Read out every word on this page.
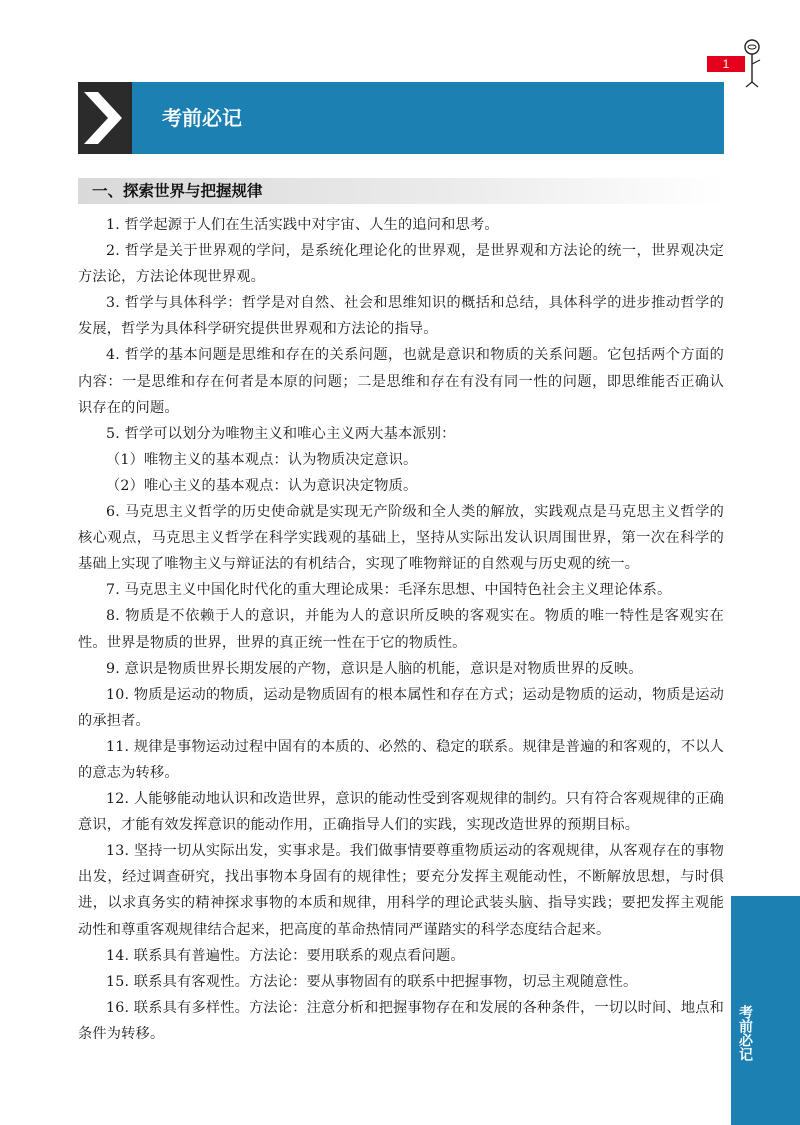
1
考前必记
一、探索世界与把握规律

1. 哲学起源于人们在生活实践中对宇宙、人生的追问和思考。

2. 哲学是关于世界观的学问，是系统化理论化的世界观，是世界观和方法论的统一，世界观决定方法论，方法论体现世界观。

3. 哲学与具体科学：哲学是对自然、社会和思维知识的概括和总结，具体科学的进步推动哲学的发展，哲学为具体科学研究提供世界观和方法论的指导。

4. 哲学的基本问题是思维和存在的关系问题，也就是意识和物质的关系问题。它包括两个方面的内容：一是思维和存在何者是本原的问题；二是思维和存在有没有同一性的问题，即思维能否正确认识存在的问题。

5. 哲学可以划分为唯物主义和唯心主义两大基本派别：

（1）唯物主义的基本观点：认为物质决定意识。

（2）唯心主义的基本观点：认为意识决定物质。

6. 马克思主义哲学的历史使命就是实现无产阶级和全人类的解放，实践观点是马克思主义哲学的核心观点，马克思主义哲学在科学实践观的基础上，坚持从实际出发认识周围世界，第一次在科学的基础上实现了唯物主义与辩证法的有机结合，实现了唯物辩证的自然观与历史观的统一。

7. 马克思主义中国化时代化的重大理论成果：毛泽东思想、中国特色社会主义理论体系。

8. 物质是不依赖于人的意识，并能为人的意识所反映的客观实在。物质的唯一特性是客观实在性。世界是物质的世界，世界的真正统一性在于它的物质性。

9. 意识是物质世界长期发展的产物，意识是人脑的机能，意识是对物质世界的反映。

10. 物质是运动的物质，运动是物质固有的根本属性和存在方式；运动是物质的运动，物质是运动的承担者。

11. 规律是事物运动过程中固有的本质的、必然的、稳定的联系。规律是普遍的和客观的，不以人的意志为转移。

12. 人能够能动地认识和改造世界，意识的能动性受到客观规律的制约。只有符合客观规律的正确意识，才能有效发挥意识的能动作用，正确指导人们的实践，实现改造世界的预期目标。

13. 坚持一切从实际出发，实事求是。我们做事情要尊重物质运动的客观规律，从客观存在的事物出发，经过调查研究，找出事物本身固有的规律性；要充分发挥主观能动性，不断解放思想，与时俱进，以求真务实的精神探求事物的本质和规律，用科学的理论武装头脑、指导实践；要把发挥主观能动性和尊重客观规律结合起来，把高度的革命热情同严谨踏实的科学态度结合起来。

14. 联系具有普遍性。方法论：要用联系的观点看问题。

15. 联系具有客观性。方法论：要从事物固有的联系中把握事物，切忌主观随意性。

16. 联系具有多样性。方法论：注意分析和把握事物存在和发展的各种条件，一切以时间、地点和条件为转移。	考前必记
